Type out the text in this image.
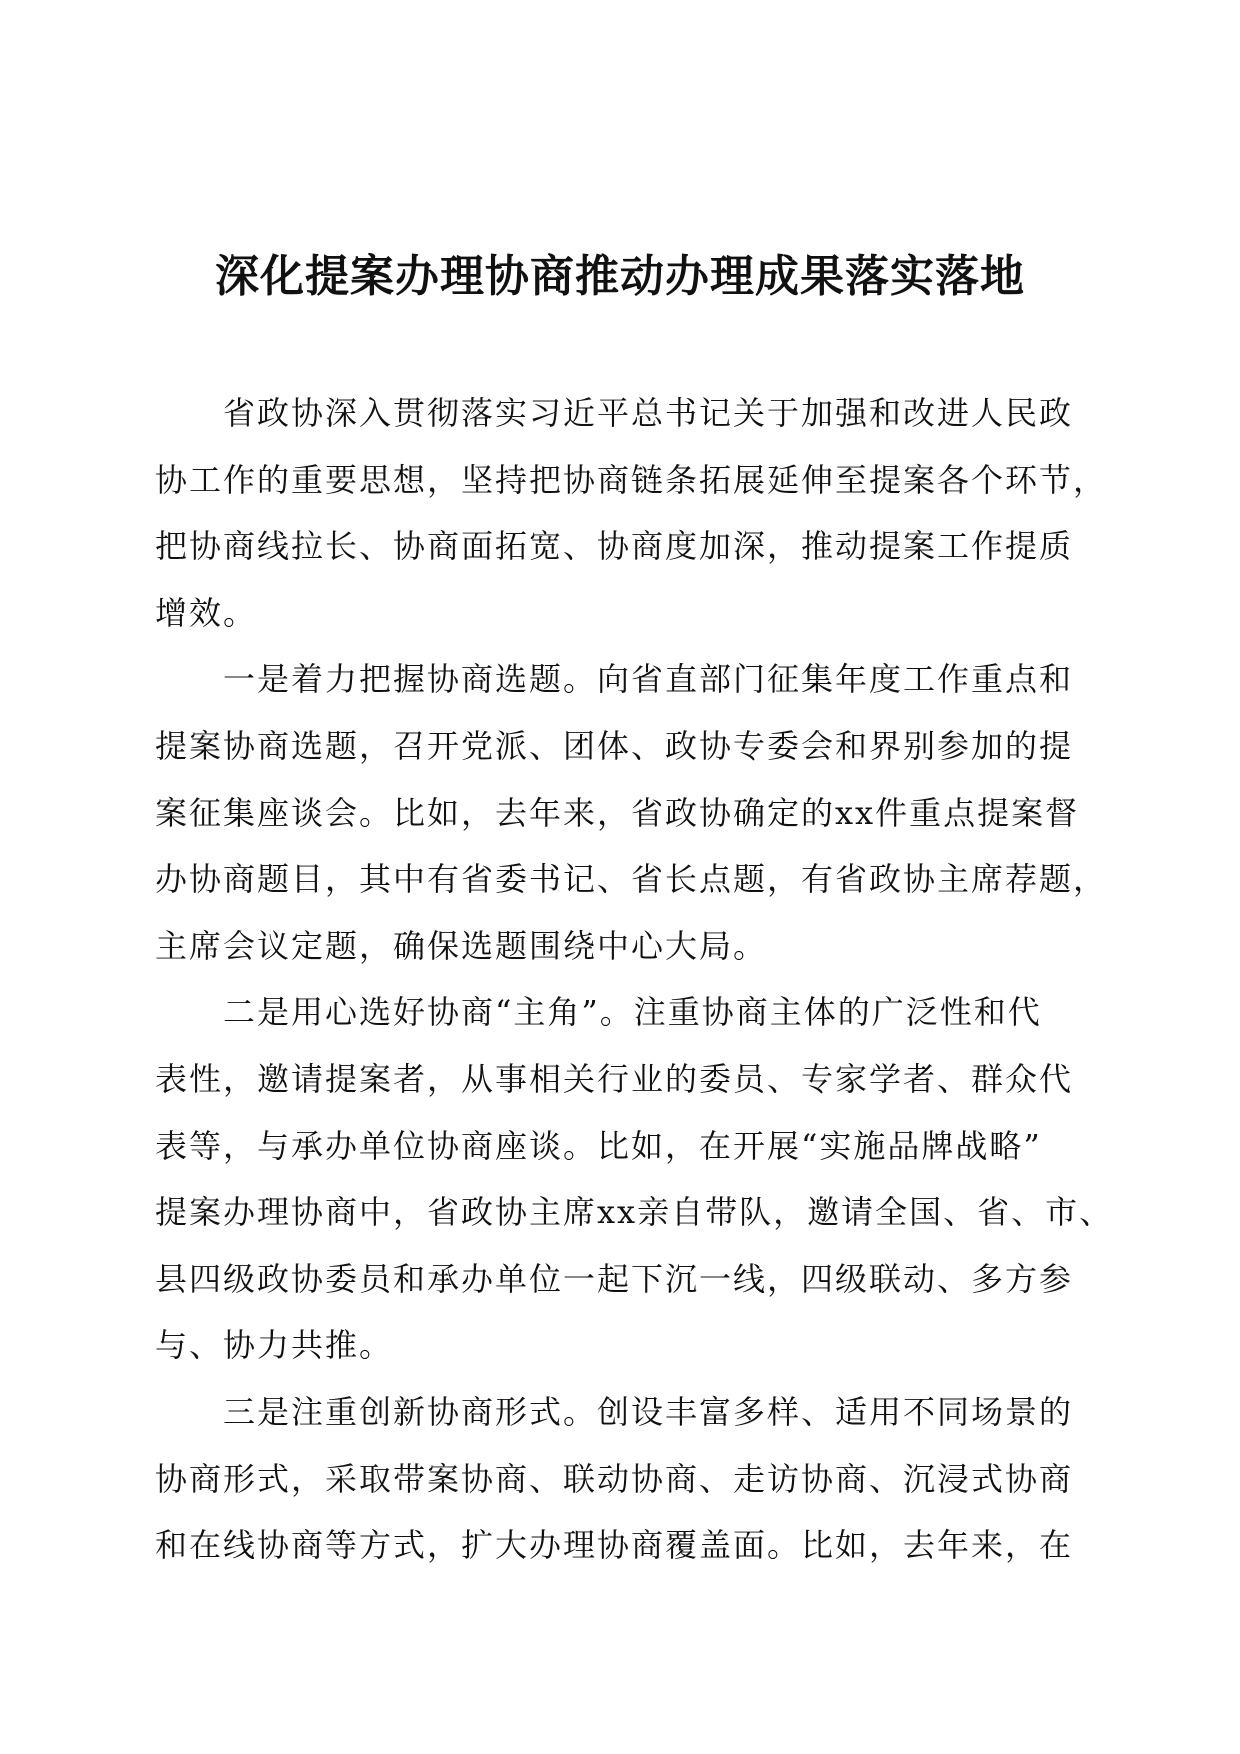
深化提案办理协商推动办理成果落实落地
省政协深入贯彻落实习近平总书记关于加强和改进人民政
协工作的重要思想，坚持把协商链条拓展延伸至提案各个环节，
把协商线拉长、协商面拓宽、协商度加深，推动提案工作提质
增效。
一是着力把握协商选题。向省直部门征集年度工作重点和
提案协商选题，召开党派、团体、政协专委会和界别参加的提
案征集座谈会。比如，去年来，省政协确定的xx件重点提案督
办协商题目，其中有省委书记、省长点题，有省政协主席荐题，
主席会议定题，确保选题围绕中心大局。
二是用心选好协商“主角”。注重协商主体的广泛性和代
表性，邀请提案者，从事相关行业的委员、专家学者、群众代
表等，与承办单位协商座谈。比如，在开展“实施品牌战略”
提案办理协商中，省政协主席xx亲自带队，邀请全国、省、市、
县四级政协委员和承办单位一起下沉一线，四级联动、多方参
与、协力共推。
三是注重创新协商形式。创设丰富多样、适用不同场景的
协商形式，采取带案协商、联动协商、走访协商、沉浸式协商
和在线协商等方式，扩大办理协商覆盖面。比如，去年来，在
